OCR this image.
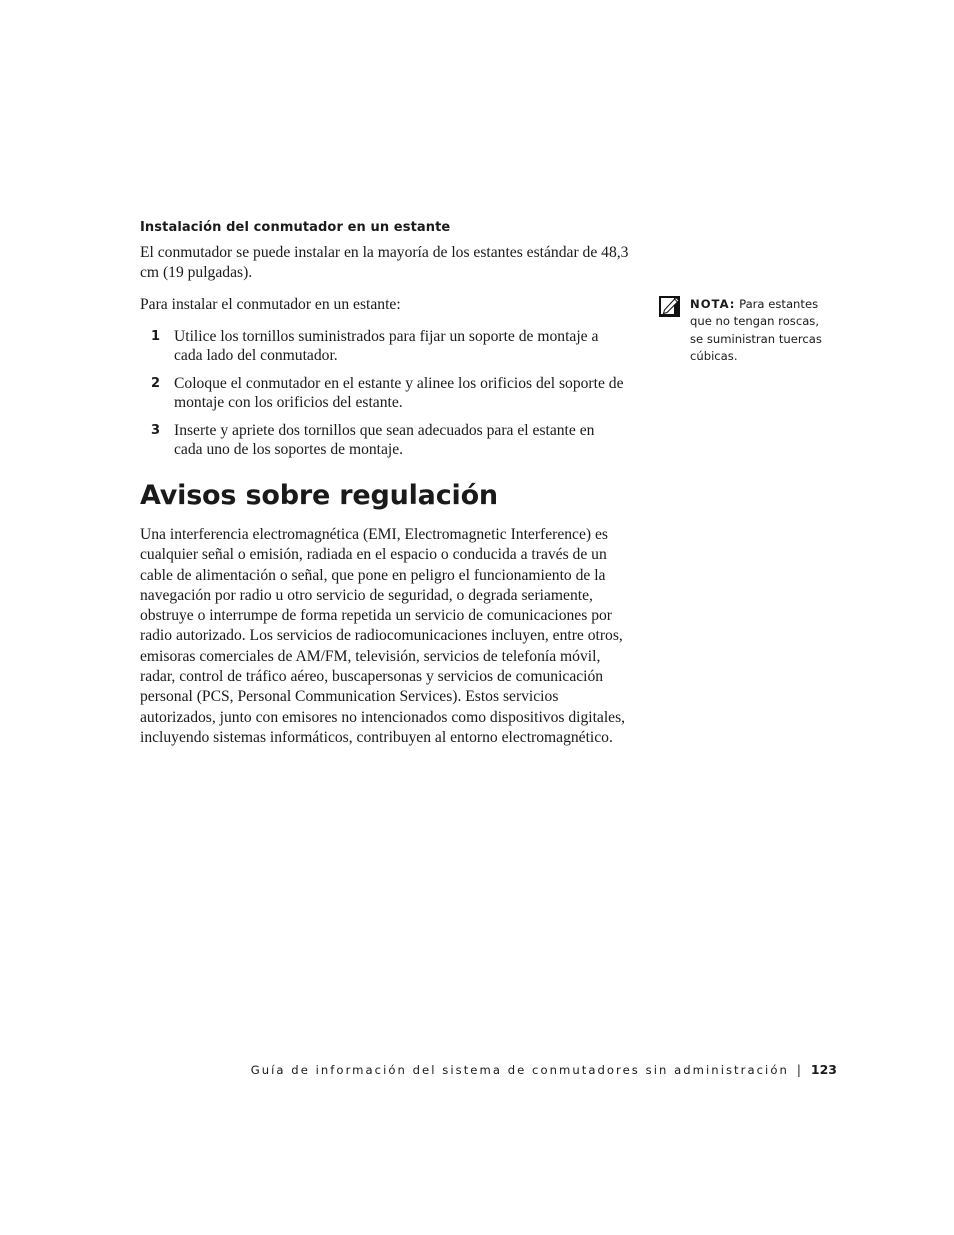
Instalación del conmutador en un estante
El conmutador se puede instalar en la mayoría de los estantes estándar de 48,3 cm (19 pulgadas).
Para instalar el conmutador en un estante:
1 Utilice los tornillos suministrados para fijar un soporte de montaje a cada lado del conmutador.
2 Coloque el conmutador en el estante y alinee los orificios del soporte de montaje con los orificios del estante.
3 Inserte y apriete dos tornillos que sean adecuados para el estante en cada uno de los soportes de montaje.
NOTA: Para estantes que no tengan roscas, se suministran tuercas cúbicas.
Avisos sobre regulación
Una interferencia electromagnética (EMI, Electromagnetic Interference) es cualquier señal o emisión, radiada en el espacio o conducida a través de un cable de alimentación o señal, que pone en peligro el funcionamiento de la navegación por radio u otro servicio de seguridad, o degrada seriamente, obstruye o interrumpe de forma repetida un servicio de comunicaciones por radio autorizado. Los servicios de radiocomunicaciones incluyen, entre otros, emisoras comerciales de AM/FM, televisión, servicios de telefonía móvil, radar, control de tráfico aéreo, buscapersonas y servicios de comunicación personal (PCS, Personal Communication Services). Estos servicios autorizados, junto con emisores no intencionados como dispositivos digitales, incluyendo sistemas informáticos, contribuyen al entorno electromagnético.
Guía de información del sistema de conmutadores sin administración | 123
